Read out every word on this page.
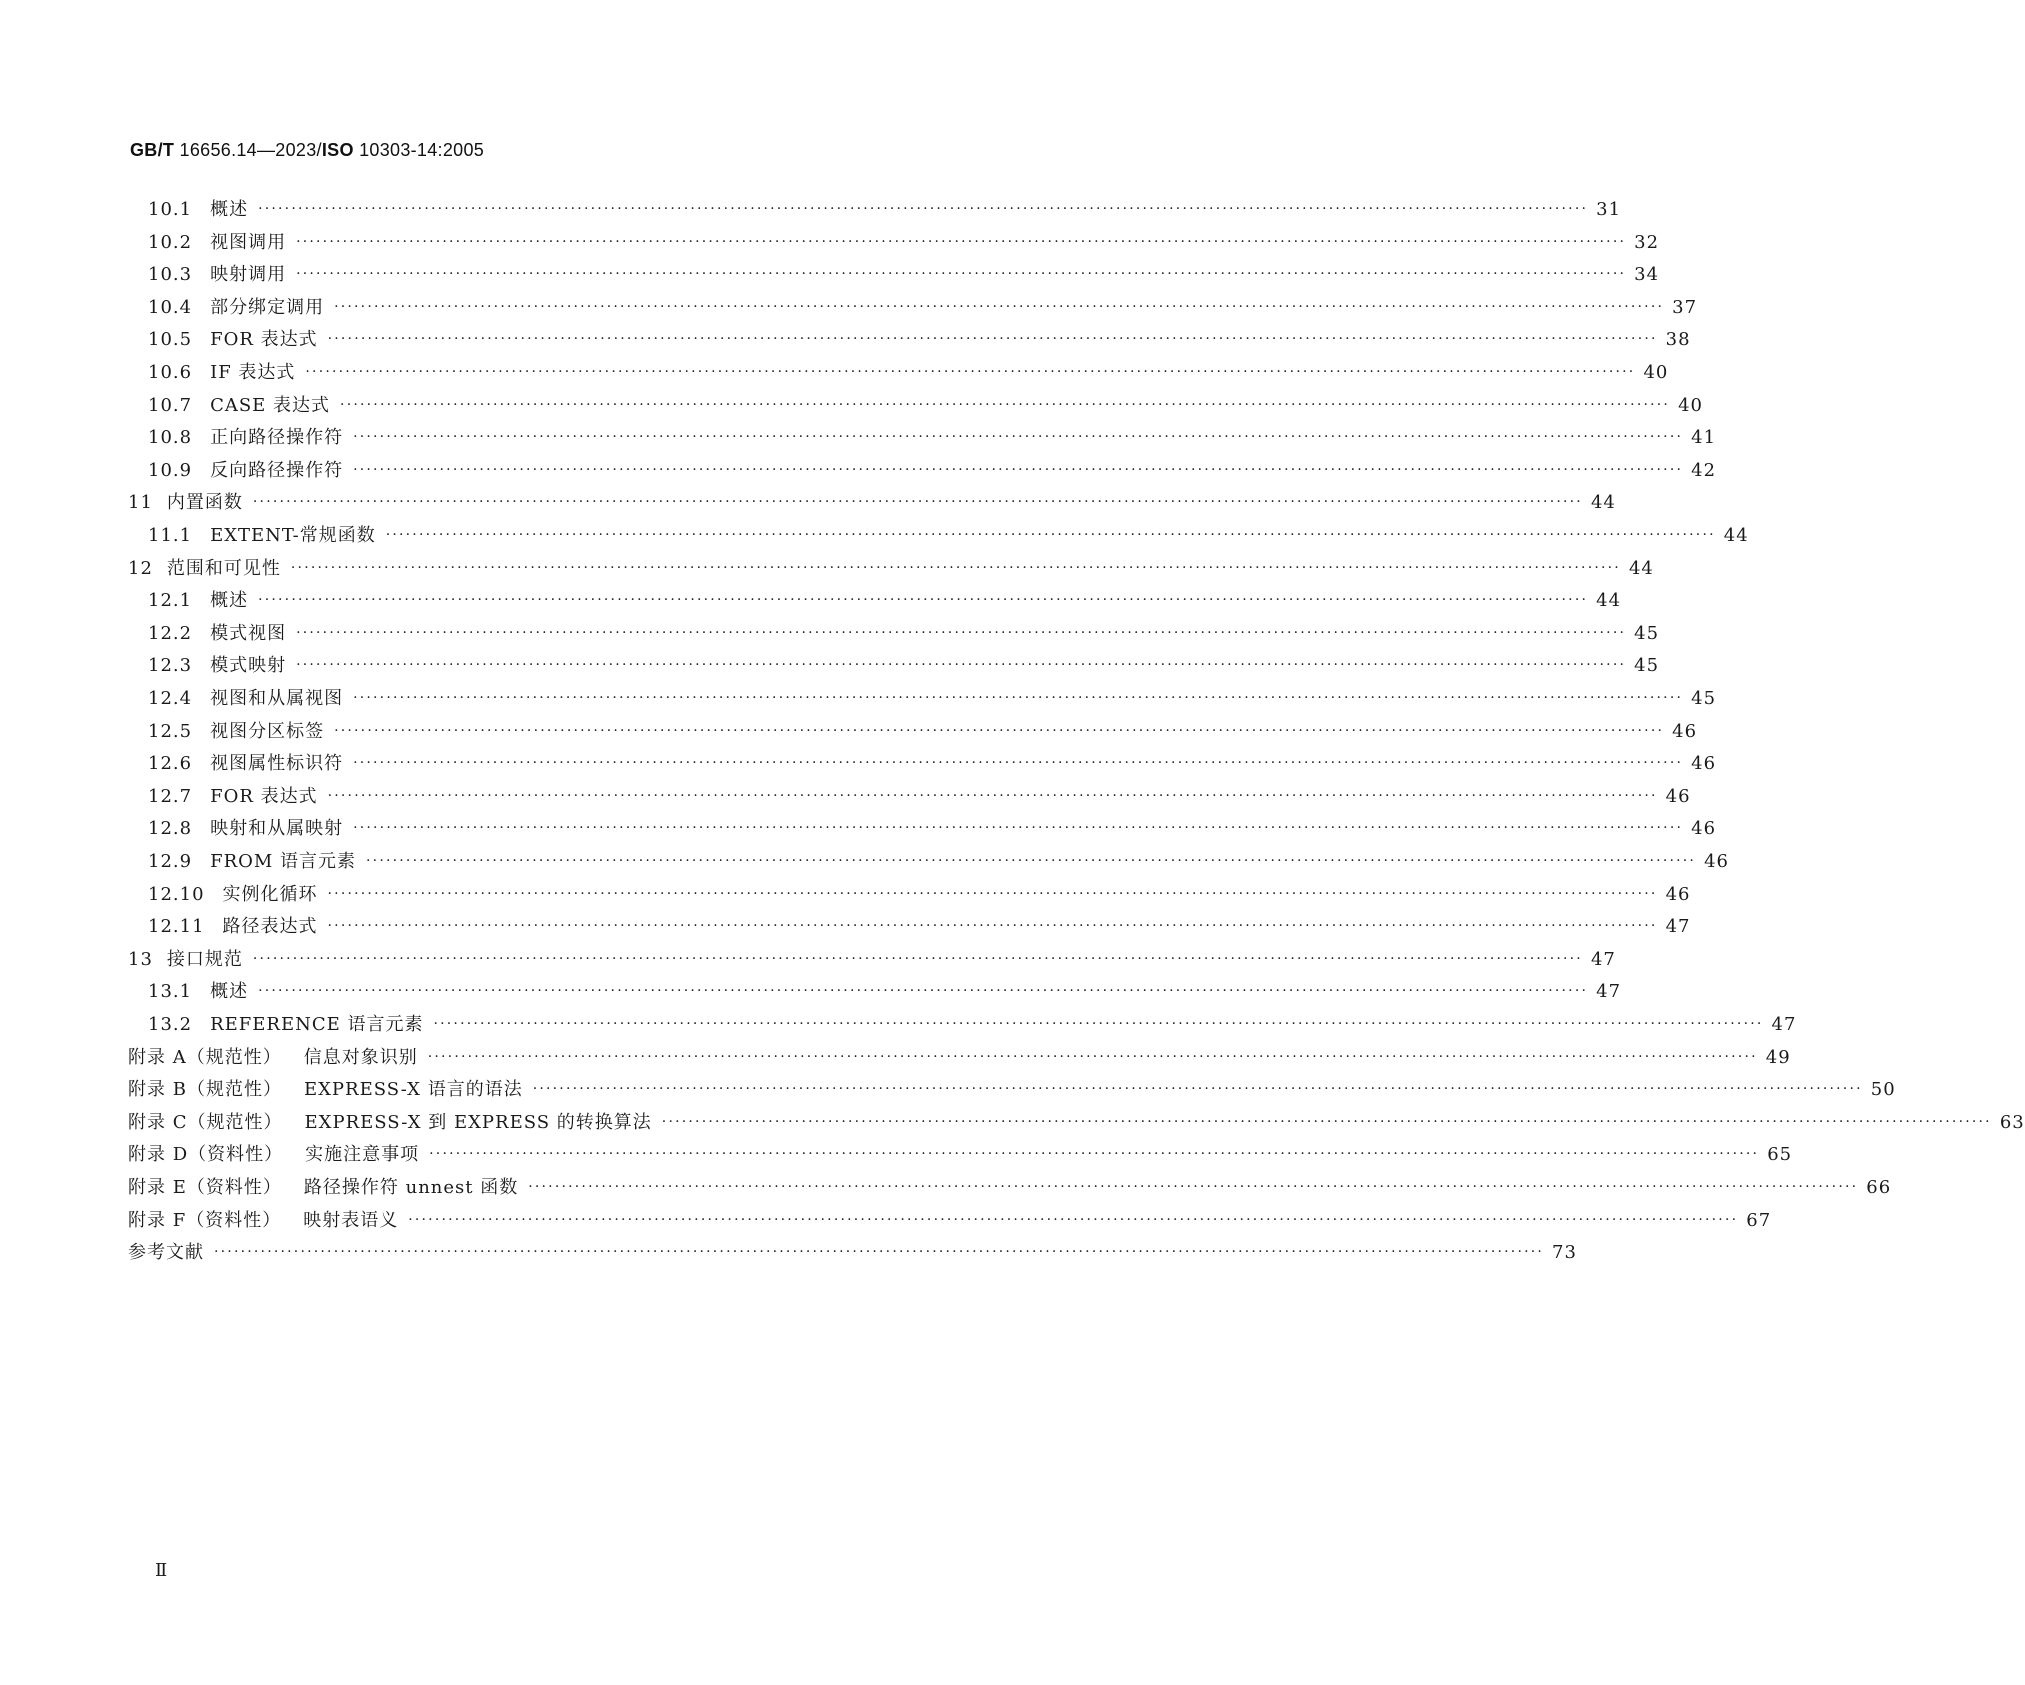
GB/T 16656.14—2023/ISO 10303-14:2005
10.1 概述 ········································································································································································································ 31
10.2 视图调用 ········································································································································································································ 32
10.3 映射调用 ········································································································································································································ 34
10.4 部分绑定调用 ········································································································································································································ 37
10.5 FOR 表达式 ········································································································································································································ 38
10.6 IF 表达式 ········································································································································································································ 40
10.7 CASE 表达式 ········································································································································································································ 40
10.8 正向路径操作符 ········································································································································································································ 41
10.9 反向路径操作符 ········································································································································································································ 42
11 内置函数 ········································································································································································································ 44
11.1 EXTENT-常规函数 ········································································································································································································ 44
12 范围和可见性 ········································································································································································································ 44
12.1 概述 ········································································································································································································ 44
12.2 模式视图 ········································································································································································································ 45
12.3 模式映射 ········································································································································································································ 45
12.4 视图和从属视图 ········································································································································································································ 45
12.5 视图分区标签 ········································································································································································································ 46
12.6 视图属性标识符 ········································································································································································································ 46
12.7 FOR 表达式 ········································································································································································································ 46
12.8 映射和从属映射 ········································································································································································································ 46
12.9 FROM 语言元素 ········································································································································································································ 46
12.10 实例化循环 ········································································································································································································ 46
12.11 路径表达式 ········································································································································································································ 47
13 接口规范 ········································································································································································································ 47
13.1 概述 ········································································································································································································ 47
13.2 REFERENCE 语言元素 ········································································································································································································ 47
附录 A（规范性） 信息对象识别 ········································································································································································································ 49
附录 B（规范性） EXPRESS-X 语言的语法 ········································································································································································································ 50
附录 C（规范性） EXPRESS-X 到 EXPRESS 的转换算法 ········································································································································································································ 63
附录 D（资料性） 实施注意事项 ········································································································································································································ 65
附录 E（资料性） 路径操作符 unnest 函数 ········································································································································································································ 66
附录 F（资料性） 映射表语义 ········································································································································································································ 67
参考文献 ········································································································································································································ 73
Ⅱ
